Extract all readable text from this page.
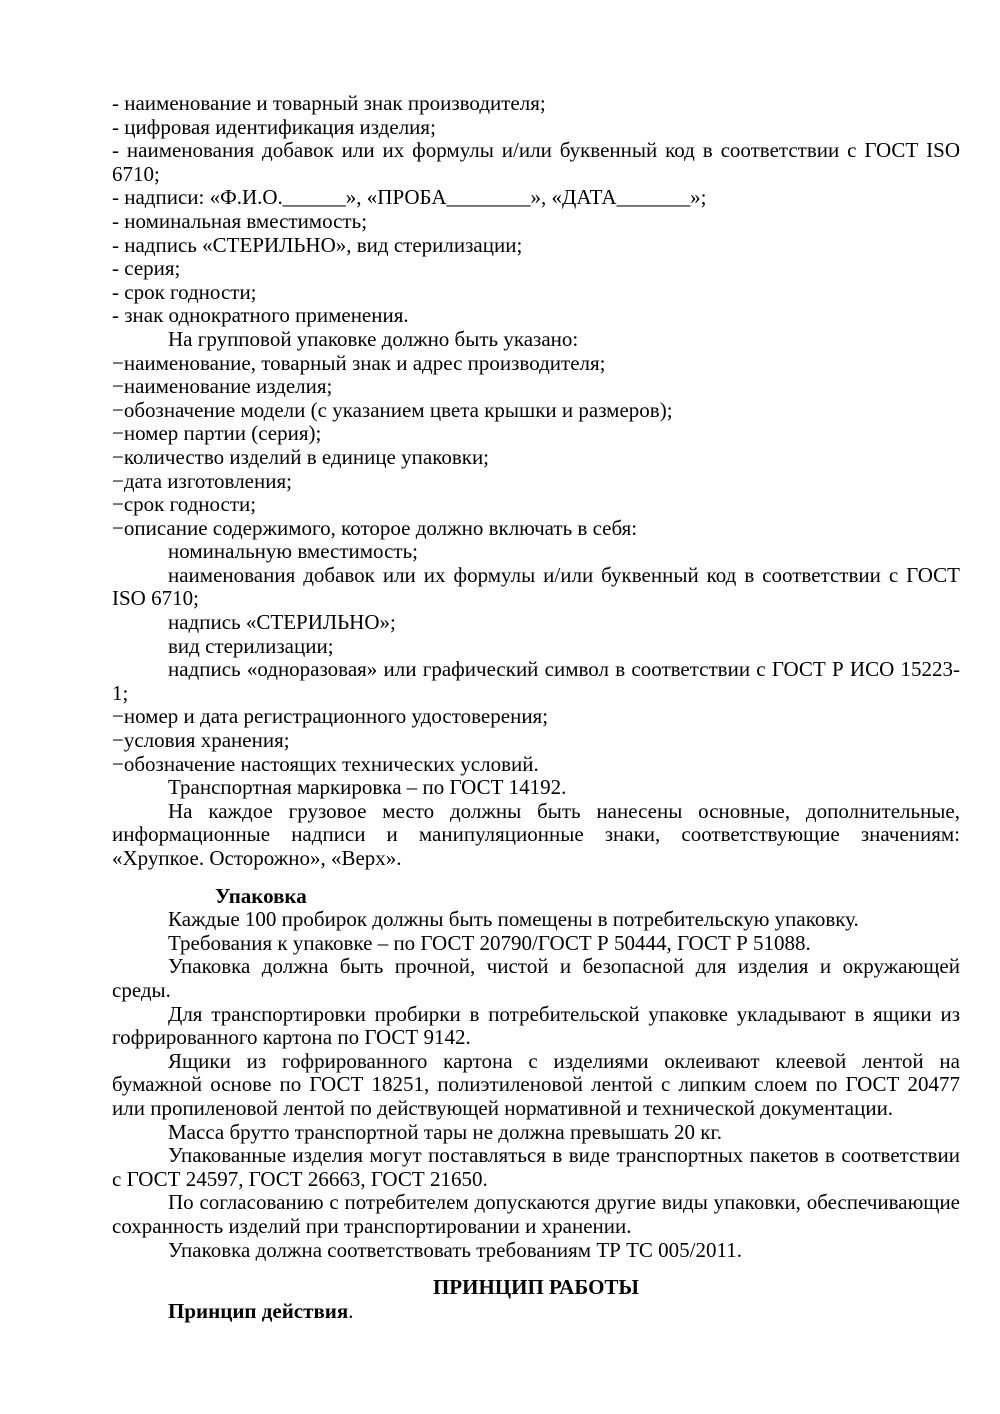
- наименование и товарный знак производителя;
- цифровая идентификация изделия;
- наименования добавок или их формулы и/или буквенный код в соответствии с ГОСТ ISO 6710;
- надписи: «Ф.И.О.______», «ПРОБА________», «ДАТА_______»;
- номинальная вместимость;
- надпись «СТЕРИЛЬНО», вид стерилизации;
- серия;
- срок годности;
- знак однократного применения.
На групповой упаковке должно быть указано:
−наименование, товарный знак и адрес производителя;
−наименование изделия;
−обозначение модели (с указанием цвета крышки и размеров);
−номер партии (серия);
−количество изделий в единице упаковки;
−дата изготовления;
−срок годности;
−описание содержимого, которое должно включать в себя:
номинальную вместимость;
наименования добавок или их формулы и/или буквенный код в соответствии с ГОСТ ISO 6710;
надпись «СТЕРИЛЬНО»;
вид стерилизации;
надпись «одноразовая» или графический символ в соответствии с ГОСТ Р ИСО 15223-1;
−номер и дата регистрационного удостоверения;
−условия хранения;
−обозначение настоящих технических условий.
Транспортная маркировка – по ГОСТ 14192.
На каждое грузовое место должны быть нанесены основные, дополнительные, информационные надписи и манипуляционные знаки, соответствующие значениям: «Хрупкое. Осторожно», «Верх».
Упаковка
Каждые 100 пробирок должны быть помещены в потребительскую упаковку.
Требования к упаковке – по ГОСТ 20790/ГОСТ Р 50444, ГОСТ Р 51088.
Упаковка должна быть прочной, чистой и безопасной для изделия и окружающей среды.
Для транспортировки пробирки в потребительской упаковке укладывают в ящики из гофрированного картона по ГОСТ 9142.
Ящики из гофрированного картона с изделиями оклеивают клеевой лентой на бумажной основе по ГОСТ 18251, полиэтиленовой лентой с липким слоем по ГОСТ 20477 или пропиленовой лентой по действующей нормативной и технической документации.
Масса брутто транспортной тары не должна превышать 20 кг.
Упакованные изделия могут поставляться в виде транспортных пакетов в соответствии с ГОСТ 24597, ГОСТ 26663, ГОСТ 21650.
По согласованию с потребителем допускаются другие виды упаковки, обеспечивающие сохранность изделий при транспортировании и хранении.
Упаковка должна соответствовать требованиям ТР ТС 005/2011.
ПРИНЦИП РАБОТЫ
Принцип действия.
